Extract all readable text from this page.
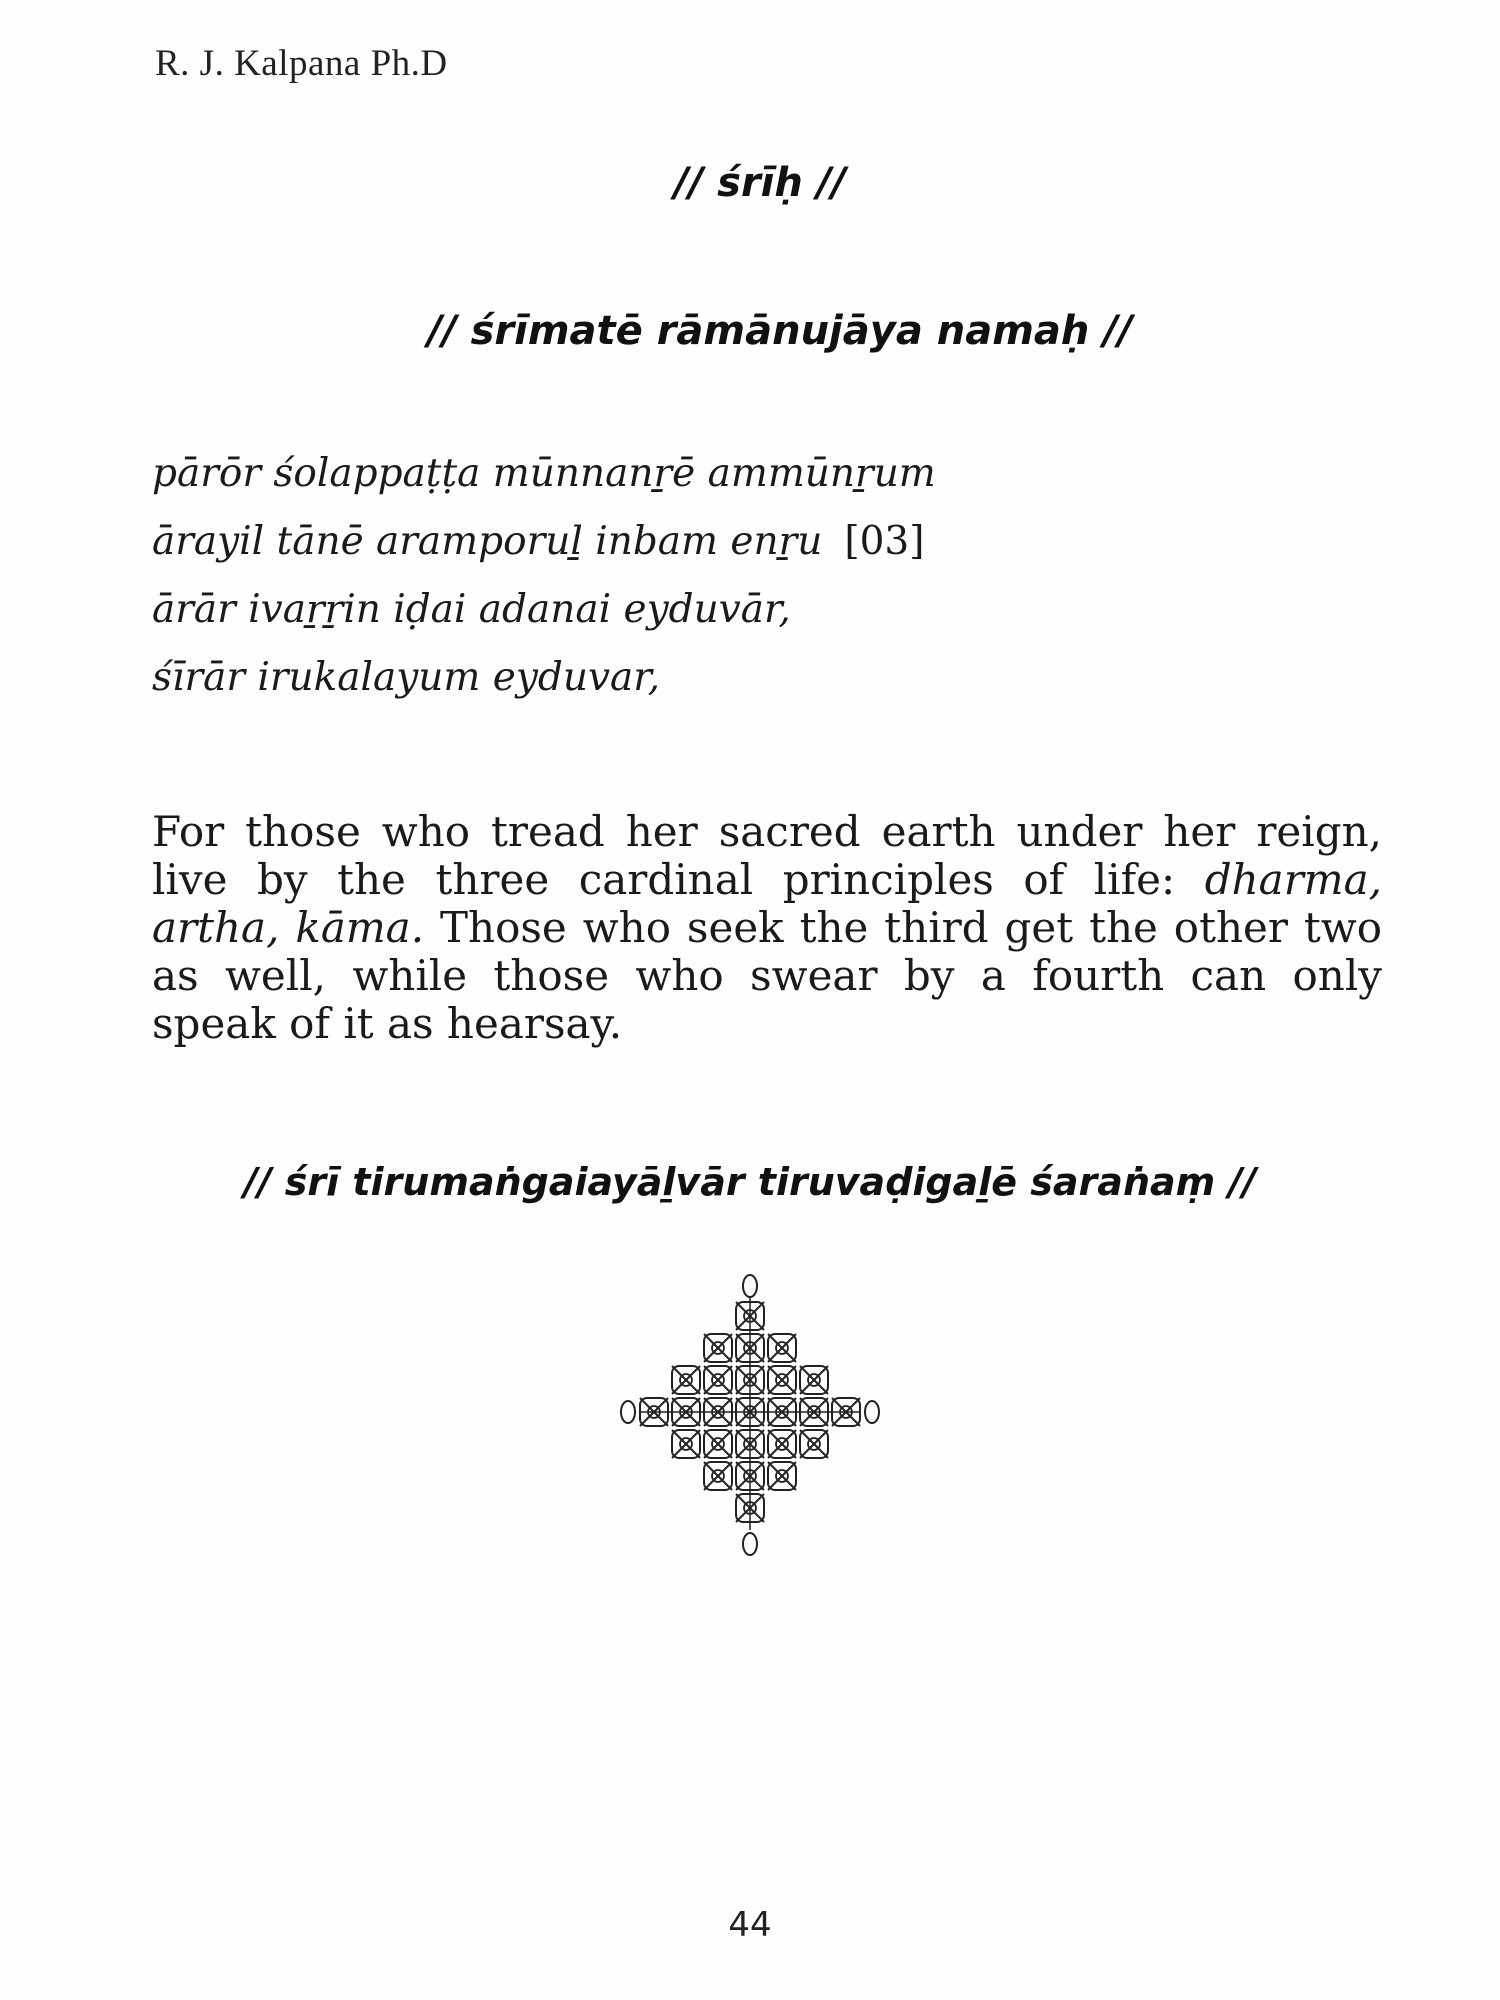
R. J. Kalpana Ph.D
// śrīḥ //
// śrīmatē rāmānujāya namaḥ //
pārōr śolappaṭṭa mūnnanṟē ammūnṟum
ārayil tānē aramporuḻ inbam enṟu [03]
ārār ivaṟṟin iḍai adanai eyduvār,
śīrār irukalayum eyduvar,
For those who tread her sacred earth under her reign, live by the three cardinal principles of life: dharma, artha, kāma. Those who seek the third get the other two as well, while those who swear by a fourth can only speak of it as hearsay.
// śrī tirumaṅgaiayāḻvār tiruvaḍigaḻē śaraṅaṃ //
44
